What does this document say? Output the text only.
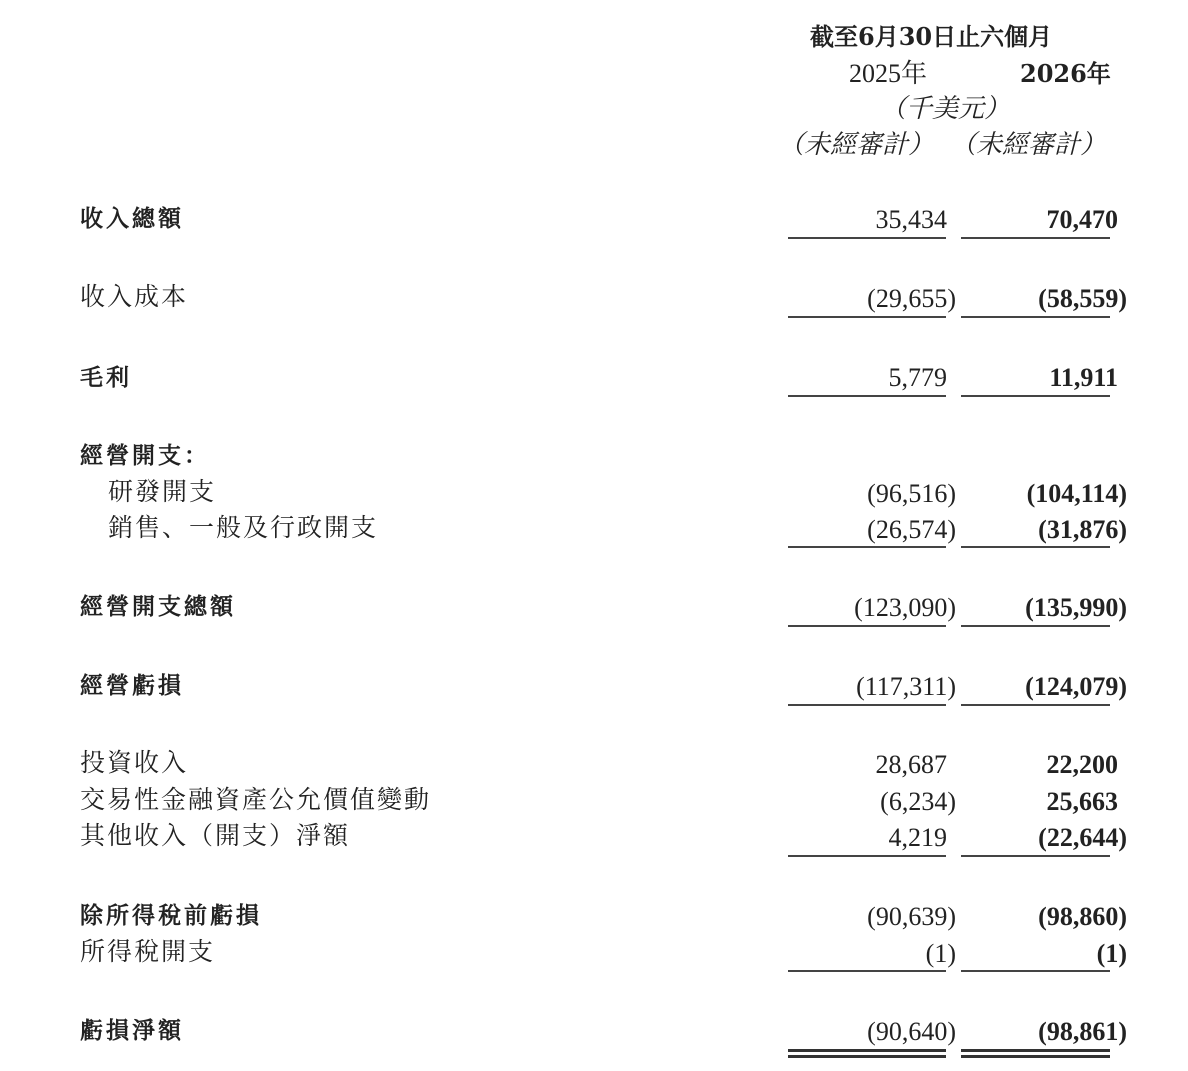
截至6月30日止六個月
2025年	2026年
（千美元）
（未經審計） （未經審計）
收入總額	35,434	70,470
收入成本	(29,655)	(58,559)
毛利	5,779	11,911
經營開支：
研發開支	(96,516)	(104,114)
銷售、一般及行政開支	(26,574)	(31,876)
經營開支總額	(123,090)	(135,990)
經營虧損	(117,311)	(124,079)
投資收入	28,687	22,200
交易性金融資產公允價值變動	(6,234)	25,663
其他收入（開支）淨額	4,219	(22,644)
除所得稅前虧損	(90,639)	(98,860)
所得稅開支	(1)	(1)
虧損淨額	(90,640)	(98,861)
